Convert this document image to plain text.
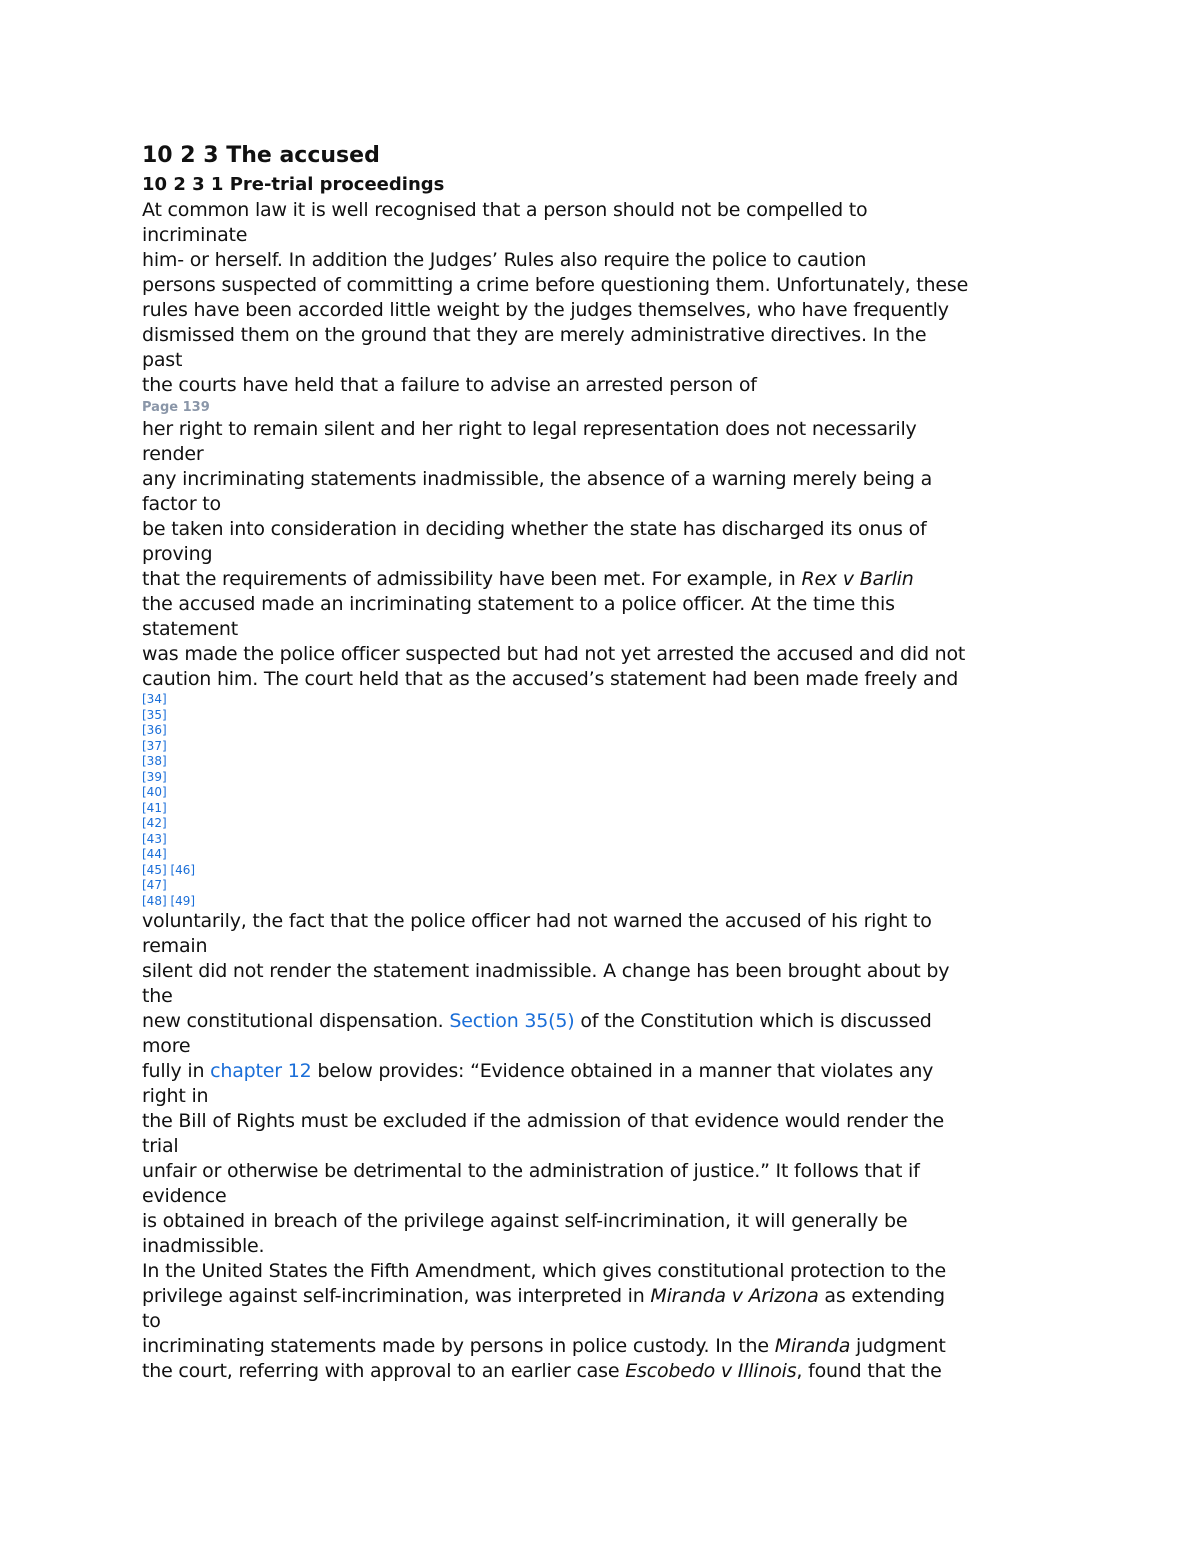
10 2 3 The accused
10 2 3 1 Pre-trial proceedings
At common law it is well recognised that a person should not be compelled to
incriminate
him- or herself. In addition the Judges’ Rules also require the police to caution
persons suspected of committing a crime before questioning them. Unfortunately, these
rules have been accorded little weight by the judges themselves, who have frequently
dismissed them on the ground that they are merely administrative directives. In the
past
the courts have held that a failure to advise an arrested person of
Page 139
her right to remain silent and her right to legal representation does not necessarily
render
any incriminating statements inadmissible, the absence of a warning merely being a
factor to
be taken into consideration in deciding whether the state has discharged its onus of
proving
that the requirements of admissibility have been met. For example, in Rex v Barlin
the accused made an incriminating statement to a police officer. At the time this
statement
was made the police officer suspected but had not yet arrested the accused and did not
caution him. The court held that as the accused’s statement had been made freely and
[34]
[35]
[36]
[37]
[38]
[39]
[40]
[41]
[42]
[43]
[44]
[45] [46]
[47]
[48] [49]
voluntarily, the fact that the police officer had not warned the accused of his right to
remain
silent did not render the statement inadmissible. A change has been brought about by
the
new constitutional dispensation. Section 35(5) of the Constitution which is discussed
more
fully in chapter 12 below provides: “Evidence obtained in a manner that violates any
right in
the Bill of Rights must be excluded if the admission of that evidence would render the
trial
unfair or otherwise be detrimental to the administration of justice.” It follows that if
evidence
is obtained in breach of the privilege against self-incrimination, it will generally be
inadmissible.
In the United States the Fifth Amendment, which gives constitutional protection to the
privilege against self-incrimination, was interpreted in Miranda v Arizona as extending
to
incriminating statements made by persons in police custody. In the Miranda judgment
the court, referring with approval to an earlier case Escobedo v Illinois, found that the
